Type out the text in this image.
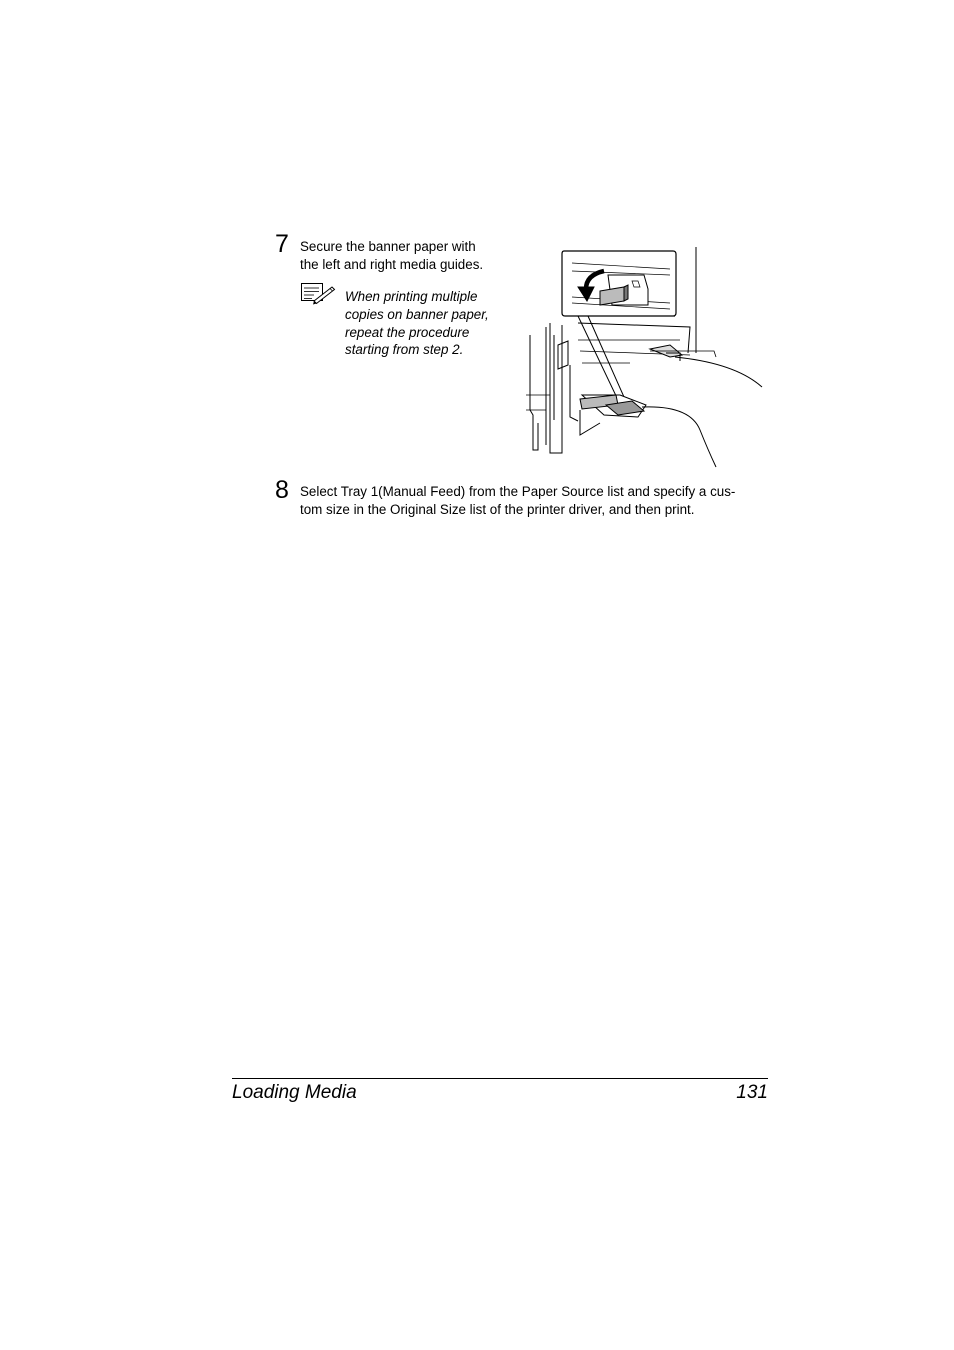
7 Secure the banner paper with
the left and right media guides.
When printing multiple
copies on banner paper,
repeat the procedure
starting from step 2.
8 Select Tray 1(Manual Feed) from the Paper Source list and specify a cus-
tom size in the Original Size list of the printer driver, and then print.
Loading Media	131
